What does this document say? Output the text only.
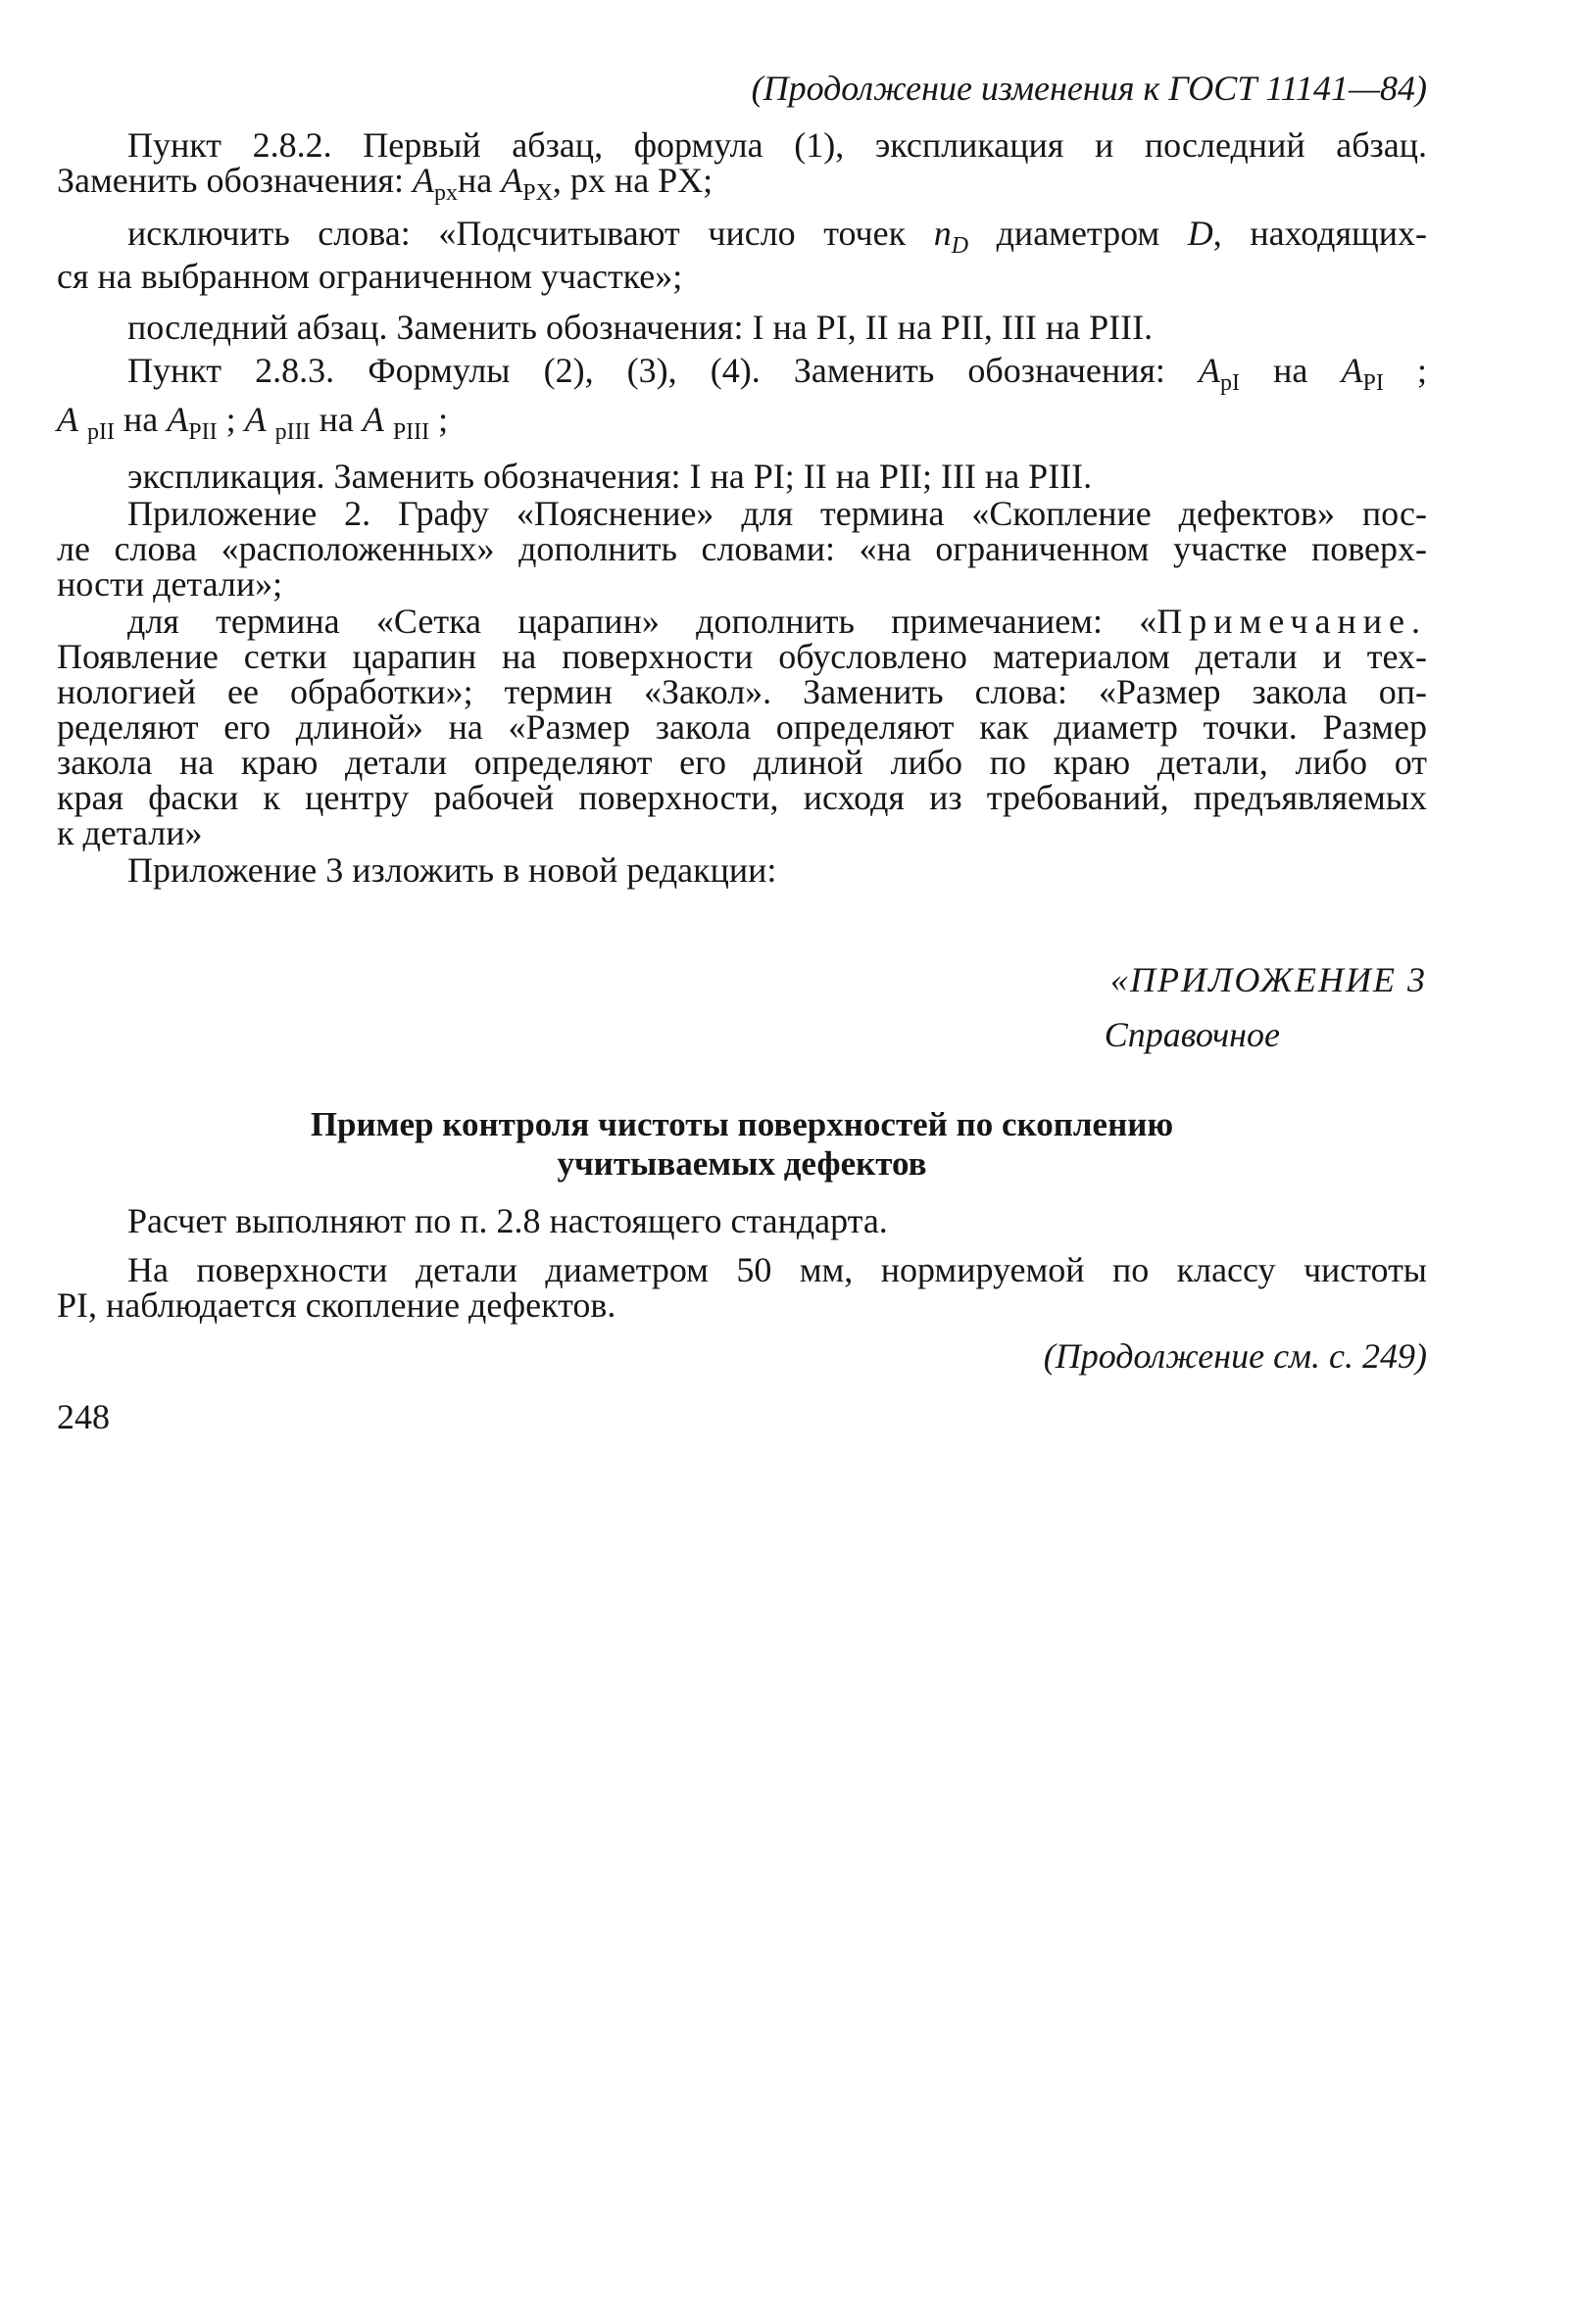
(Продолжение изменения к ГОСТ 11141—84)

Пункт 2.8.2. Первый абзац, формула (1), экспликация и последний абзац.
Заменить обозначения: $A_{px}на$ $A_{PX}$, px на PX;
исключить слова: «Подсчитывают число точек $n_D$ диаметром D, находящих-
ся на выбранном ограниченном участке»;
последний абзац. Заменить обозначения: I на PI, II на PII, III на PIII.
Пункт 2.8.3. Формулы (2), (3), (4). Заменить обозначения: $A_{pI}$ на $A_{PI}$ ;
A $_{pII}$ на $A_{PII}$ ; A $_{pIII}$ на A $_{PIII}$ ;
экспликация. Заменить обозначения: I на PI; II на PII; III на PIII.
Приложение 2. Графу «Пояснение» для термина «Скопление дефектов» пос-
ле слова «расположенных» дополнить словами: «на ограниченном участке поверх-
ности детали»;
для термина «Сетка царапин» дополнить примечанием: «Примечание.
Появление сетки царапин на поверхности обусловлено материалом детали и тех-
нологией ее обработки»; термин «Закол». Заменить слова: «Размер закола оп-
ределяют его длиной» на «Размер закола определяют как диаметр точки. Размер
закола на краю детали определяют его длиной либо по краю детали, либо от
края фаски к центру рабочей поверхности, исходя из требований, предъявляемых
к детали»
Приложение 3 изложить в новой редакции:

«ПРИЛОЖЕНИЕ 3

Справочное

Пример контроля чистоты поверхностей по скоплению
учитываемых дефектов
Расчет выполняют по п. 2.8 настоящего стандарта.
На поверхности детали диаметром 50 мм, нормируемой по классу чистоты
PI, наблюдается скопление дефектов.

(Продолжение см. с. 249)

248
